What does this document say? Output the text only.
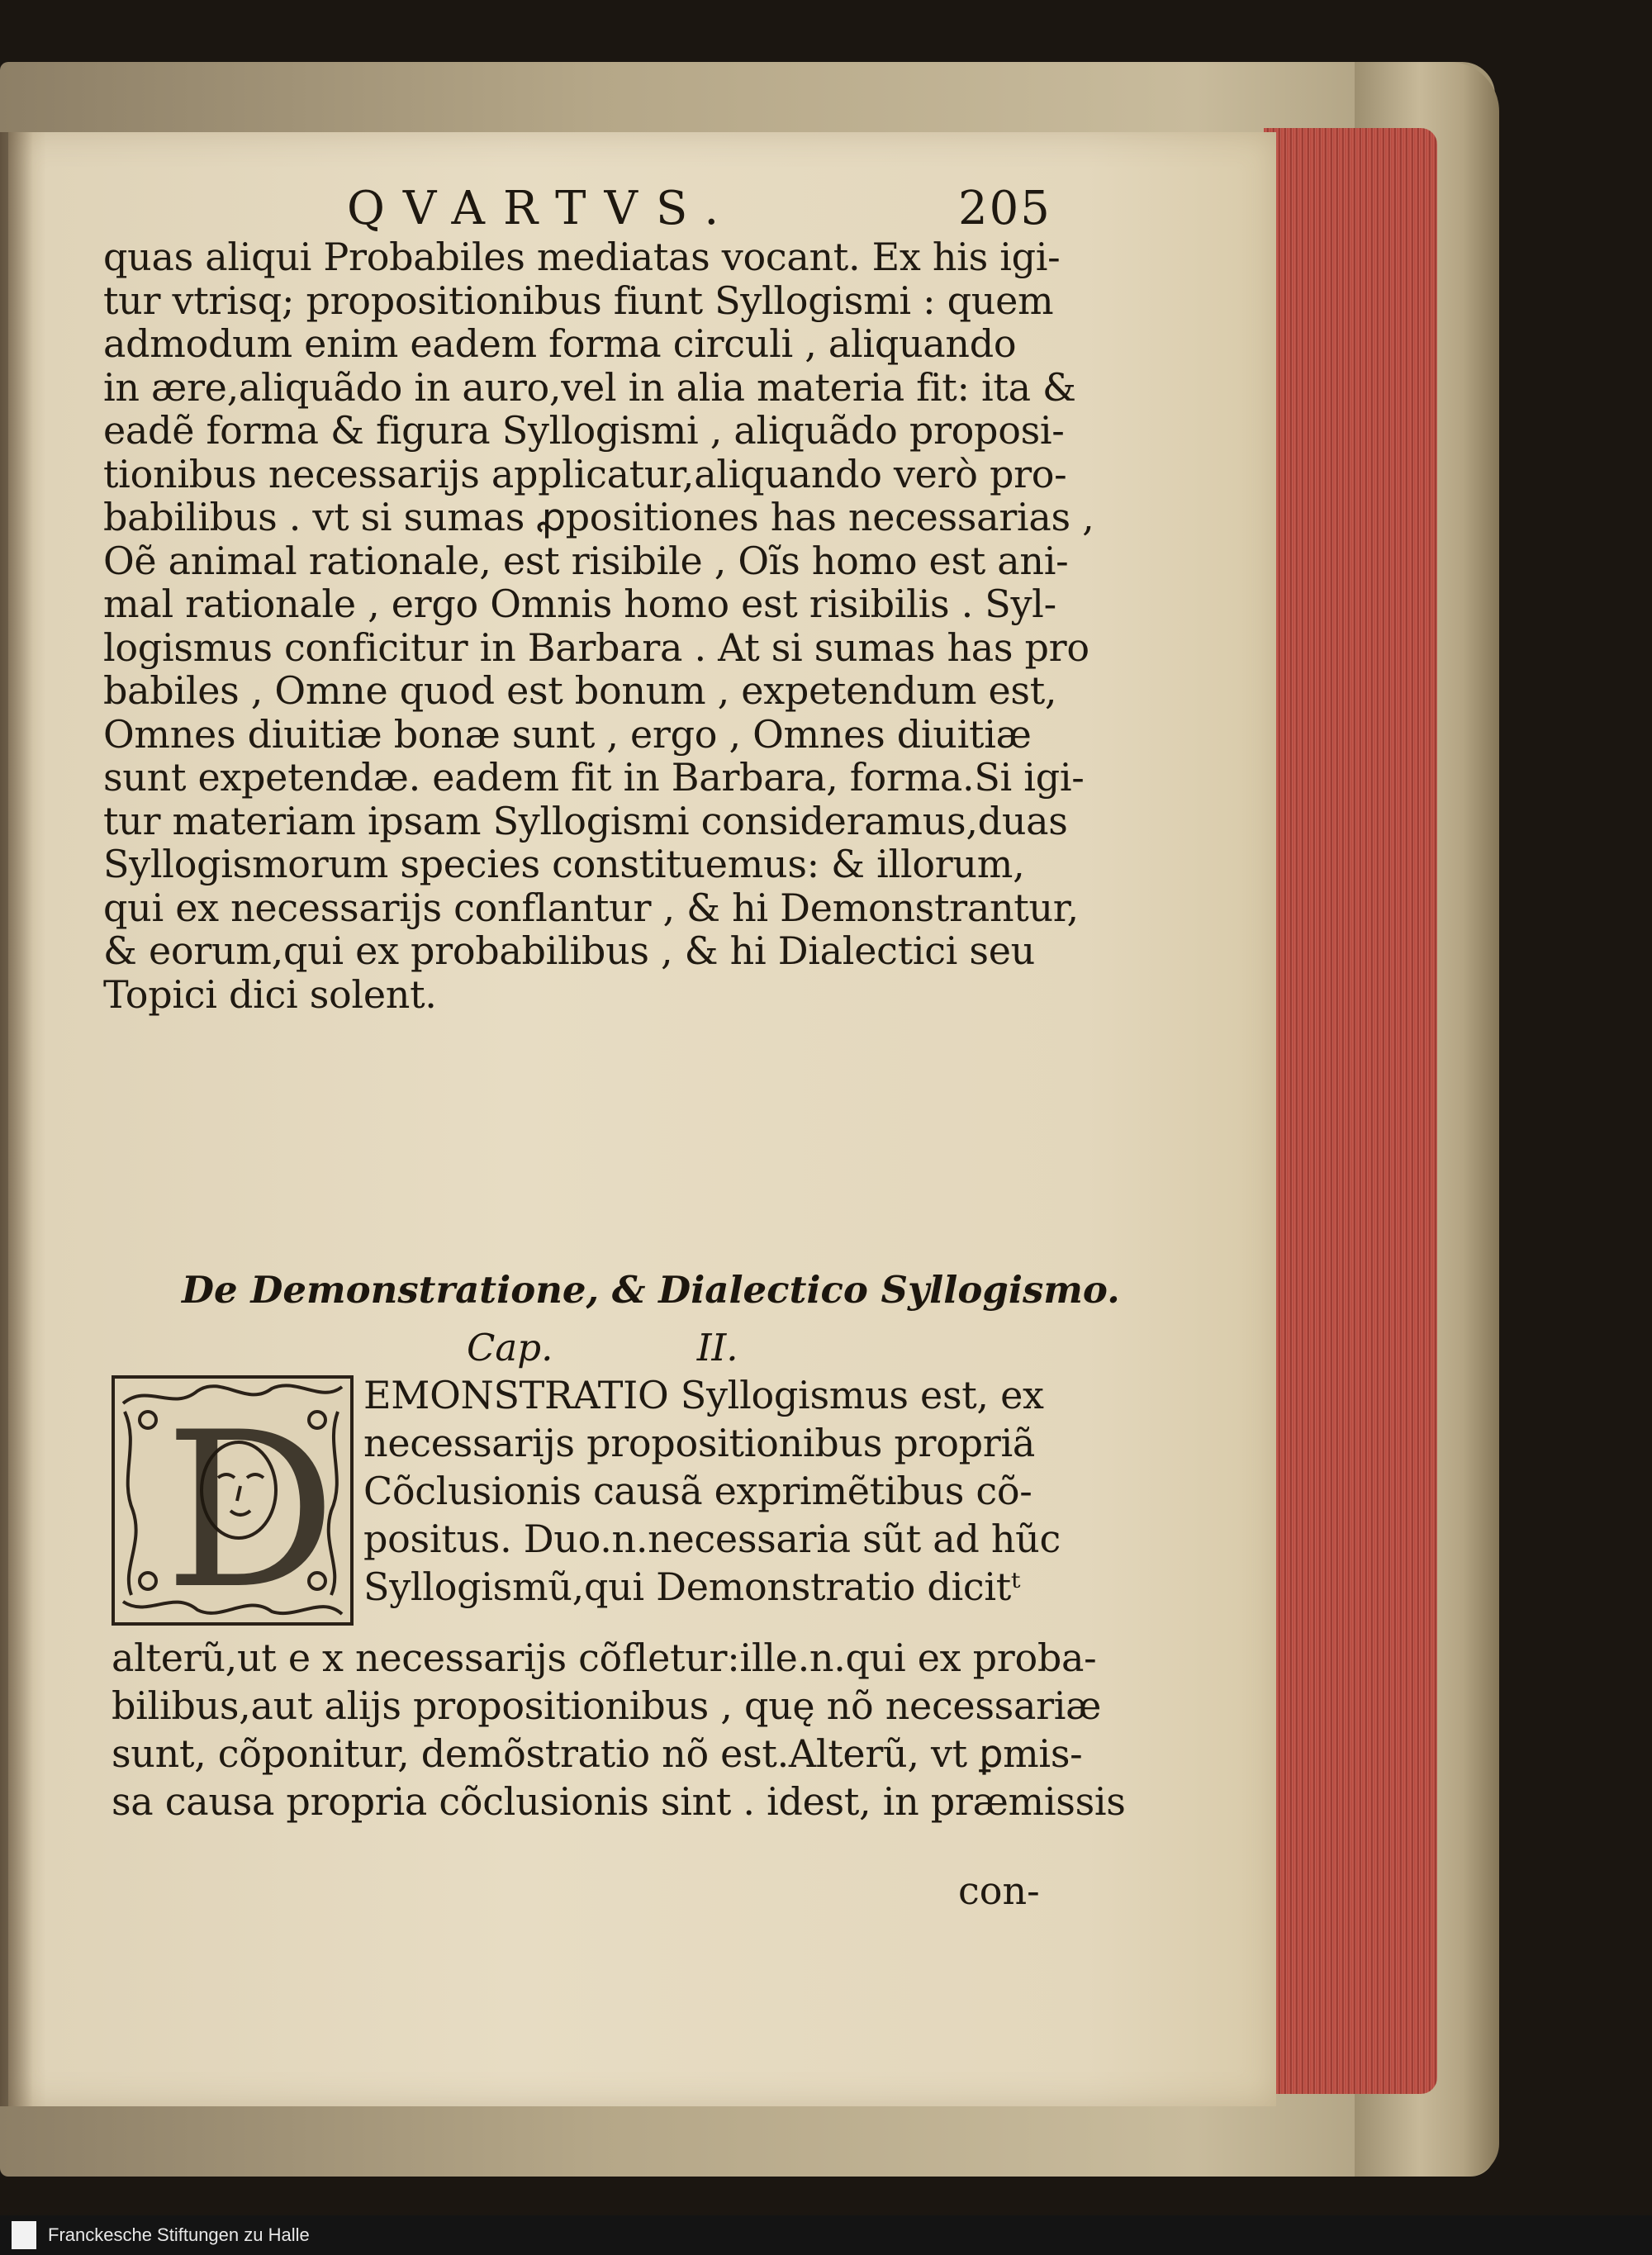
QVARTVS.	205
quas aliqui Probabiles mediatas vocant. Ex his igi-
tur vtrisq; propositionibus fiunt Syllogismi : quem
admodum enim eadem forma circuli , aliquando
in ære,aliquãdo in auro,vel in alia materia fit: ita &
eadẽ forma & figura Syllogismi , aliquãdo proposi-
tionibus necessarijs applicatur,aliquando verò pro-
babilibus . vt si sumas ꝓpositiones has necessarias ,
Oẽ animal rationale, est risibile , Oĩs homo est ani-
mal rationale , ergo Omnis homo est risibilis . Syl-
logismus conficitur in Barbara . At si sumas has pro
babiles , Omne quod est bonum , expetendum est,
Omnes diuitiæ bonæ sunt , ergo , Omnes diuitiæ
sunt expetendæ. eadem fit in Barbara, forma.Si igi-
tur materiam ipsam Syllogismi consideramus,duas
Syllogismorum species constituemus: & illorum,
qui ex necessarijs conflantur , & hi Demonstrantur,
& eorum,qui ex probabilibus , & hi Dialectici seu
Topici dici solent.
De Demonstratione, & Dialectico Syllogismo.
Cap.	II.
D EMONSTRATIO Syllogismus est, ex
necessarijs propositionibus propriã
Cõclusionis causã exprimẽtibus cõ-
positus. Duo.n.necessaria sũt ad hũc
Syllogismũ,qui Demonstratio dicitᵗ
alterũ,ut e x necessarijs cõfletur:ille.n.qui ex proba-
bilibus,aut alijs propositionibus , quę nõ necessariæ
sunt, cõponitur, demõstratio nõ est.Alterũ, vt ꝑmis-
sa causa propria cõclusionis sint . idest, in præmissis
con-
Franckesche Stiftungen zu Halle
